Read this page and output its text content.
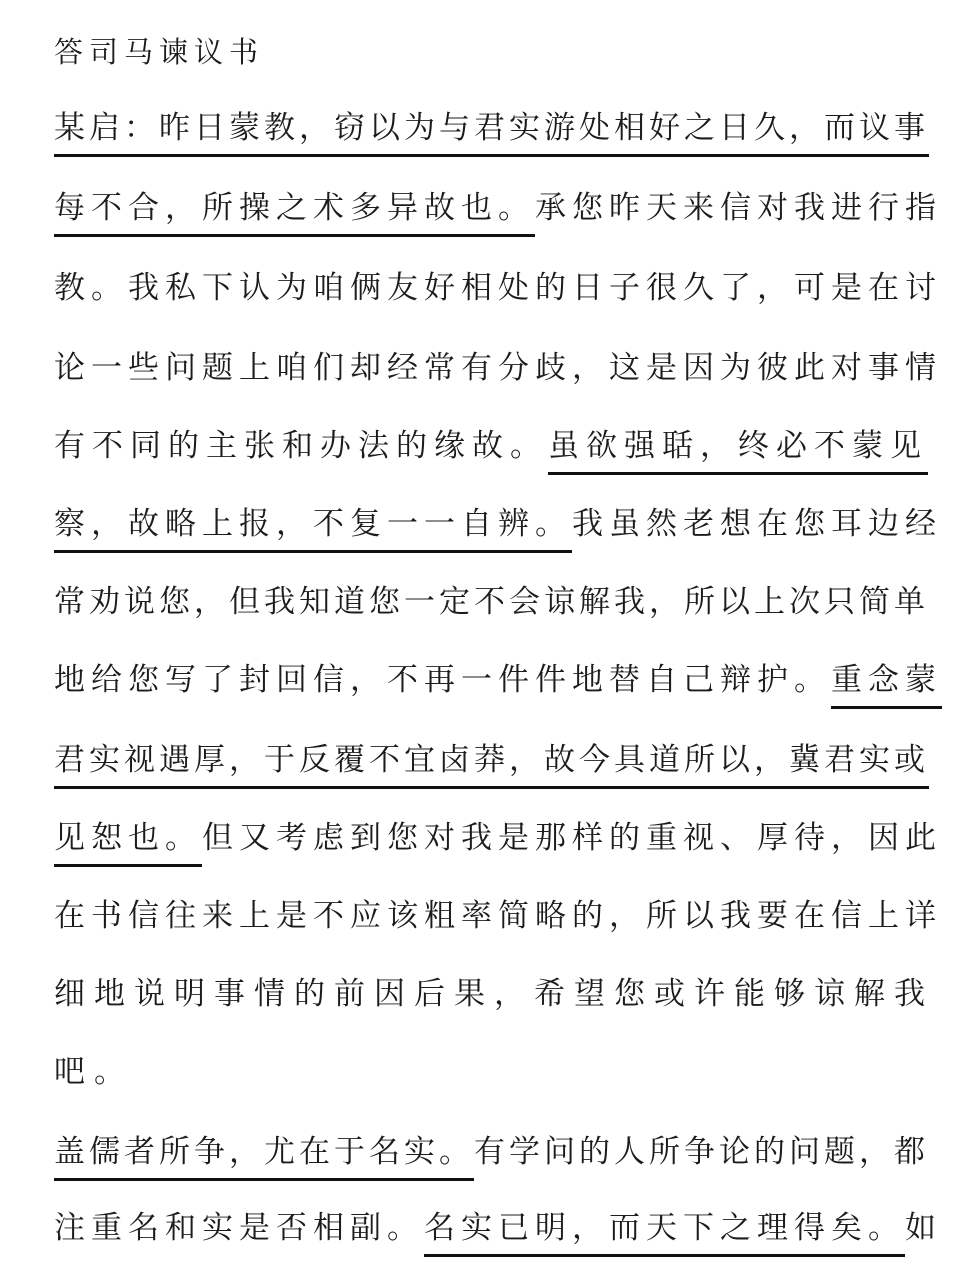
答司马谏议书
某启：昨日蒙教，窃以为与君实游处相好之日久，而议事
每不合，所操之术多异故也。承您昨天来信对我进行指
教。我私下认为咱俩友好相处的日子很久了，可是在讨
论一些问题上咱们却经常有分歧，这是因为彼此对事情
有不同的主张和办法的缘故。虽欲强聒，终必不蒙见
察，故略上报，不复一一自辨。我虽然老想在您耳边经
常劝说您，但我知道您一定不会谅解我，所以上次只简单
地给您写了封回信，不再一件件地替自己辩护。重念蒙
君实视遇厚，于反覆不宜卤莽，故今具道所以，冀君实或
见恕也。但又考虑到您对我是那样的重视、厚待，因此
在书信往来上是不应该粗率简略的，所以我要在信上详
细地说明事情的前因后果，希望您或许能够谅解我
吧。
盖儒者所争，尤在于名实。有学问的人所争论的问题，都
注重名和实是否相副。名实已明，而天下之理得矣。如
